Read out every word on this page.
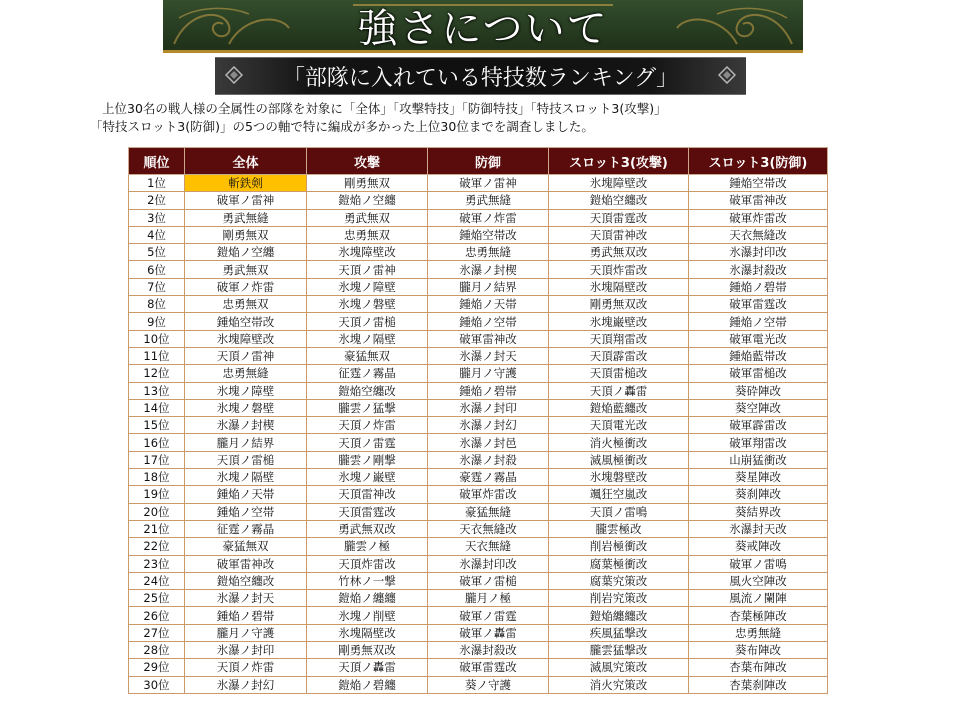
強さについて
「部隊に入れている特技数ランキング」

上位30名の戦人様の全属性の部隊を対象に「全体」「攻撃特技」「防御特技」「特技スロット3(攻撃)」

「特技スロット3(防御)」の5つの軸で特に編成が多かった上位30位までを調査しました。

順位	全体	攻撃	防御	スロット3(攻撃)	スロット3(防御)
1位	斬鉄剣	剛勇無双	破軍ノ雷神	氷塊障壁改	鍾焔空帯改
2位	破軍ノ雷神	鎧焔ノ空纏	勇武無縫	鎧焔空纏改	破軍雷神改
3位	勇武無縫	勇武無双	破軍ノ炸雷	天頂雷霆改	破軍炸雷改
4位	剛勇無双	忠勇無双	鍾焔空帯改	天頂雷神改	天衣無縫改
5位	鎧焔ノ空纏	氷塊障壁改	忠勇無縫	勇武無双改	氷瀑封印改
6位	勇武無双	天頂ノ雷神	氷瀑ノ封楔	天頂炸雷改	氷瀑封殺改
7位	破軍ノ炸雷	氷塊ノ障壁	朧月ノ結界	氷塊隔壁改	鍾焔ノ碧帯
8位	忠勇無双	氷塊ノ磐壁	鍾焔ノ天帯	剛勇無双改	破軍雷霆改
9位	鍾焔空帯改	天頂ノ雷槌	鍾焔ノ空帯	氷塊巌壁改	鍾焔ノ空帯
10位	氷塊障壁改	氷塊ノ隔壁	破軍雷神改	天頂翔雷改	破軍電光改
11位	天頂ノ雷神	豪猛無双	氷瀑ノ封天	天頂霹雷改	鍾焔藍帯改
12位	忠勇無縫	征霆ノ霧晶	朧月ノ守護	天頂雷槌改	破軍雷槌改
13位	氷塊ノ障壁	鎧焔空纏改	鍾焔ノ碧帯	天頂ノ轟雷	葵砕陣改
14位	氷塊ノ磐壁	朧雲ノ猛撃	氷瀑ノ封印	鎧焔藍纏改	葵空陣改
15位	氷瀑ノ封楔	天頂ノ炸雷	氷瀑ノ封幻	天頂電光改	破軍霹雷改
16位	朧月ノ結界	天頂ノ雷霆	氷瀑ノ封邑	消火極衝改	破軍翔雷改
17位	天頂ノ雷槌	朧雲ノ剛撃	氷瀑ノ封殺	滅風極衝改	山崩猛衝改
18位	氷塊ノ隔壁	氷塊ノ巌壁	豪霆ノ霧晶	氷塊磐壁改	葵星陣改
19位	鍾焔ノ天帯	天頂雷神改	破軍炸雷改	颯狂空嵐改	葵刹陣改
20位	鍾焔ノ空帯	天頂雷霆改	豪猛無縫	天頂ノ雷鳴	葵結界改
21位	征霆ノ霧晶	勇武無双改	天衣無縫改	朧雲極改	氷瀑封天改
22位	豪猛無双	朧雲ノ極	天衣無縫	削岩極衝改	葵戒陣改
23位	破軍雷神改	天頂炸雷改	氷瀑封印改	腐葉極衝改	破軍ノ雷鳴
24位	鎧焔空纏改	竹林ノ一撃	破軍ノ雷槌	腐葉究策改	風火空陣改
25位	氷瀑ノ封天	鎧焔ノ纏纏	朧月ノ極	削岩究策改	風流ノ闌陣
26位	鍾焔ノ碧帯	氷塊ノ削壁	破軍ノ雷霆	鎧焔纏纏改	杏葉極陣改
27位	朧月ノ守護	氷塊隔壁改	破軍ノ轟雷	疾風猛撃改	忠勇無縫
28位	氷瀑ノ封印	剛勇無双改	氷瀑封殺改	朧雲猛撃改	葵布陣改
29位	天頂ノ炸雷	天頂ノ轟雷	破軍雷霆改	滅風究策改	杏葉布陣改
30位	氷瀑ノ封幻	鎧焔ノ碧纏	葵ノ守護	消火究策改	杏葉刹陣改
